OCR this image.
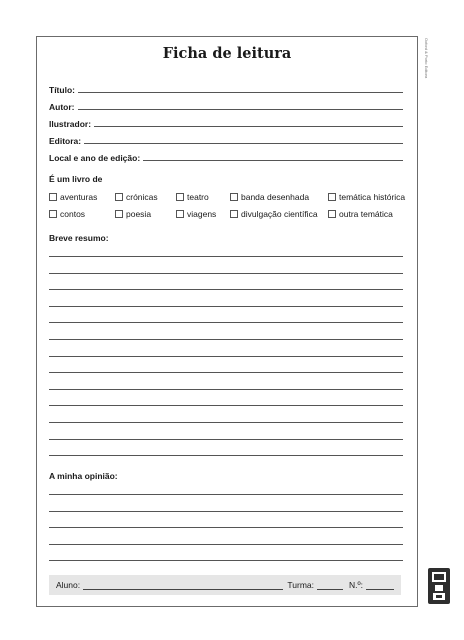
Oxford & Porto Editora
Ficha de leitura
Título:
Autor:
Ilustrador:
Editora:
Local e ano de edição:
É um livro de
aventuras	crónicas	teatro	banda desenhada	temática histórica
contos	poesia	viagens	divulgação científica	outra temática
Breve resumo:
A minha opinião:
Aluno:	Turma:	N.º:
